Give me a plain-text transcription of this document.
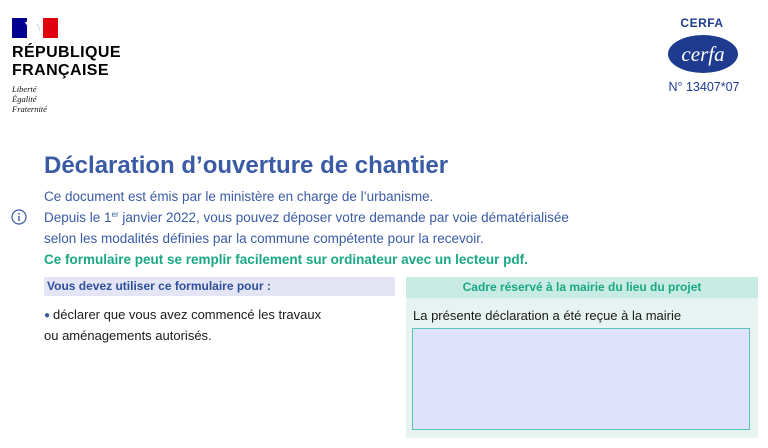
RÉPUBLIQUE
FRANÇAISE
Liberté
Égalité
Fraternité
CERFA
cerfa
N° 13407*07
Déclaration d’ouverture de chantier
Ce document est émis par le ministère en charge de l’urbanisme.
Depuis le 1er janvier 2022, vous pouvez déposer votre demande par voie dématérialisée
selon les modalités définies par la commune compétente pour la recevoir.
Ce formulaire peut se remplir facilement sur ordinateur avec un lecteur pdf.
Vous devez utiliser ce formulaire pour :
● déclarer que vous avez commencé les travaux
ou aménagements autorisés.
Cadre réservé à la mairie du lieu du projet
La présente déclaration a été reçue à la mairie
